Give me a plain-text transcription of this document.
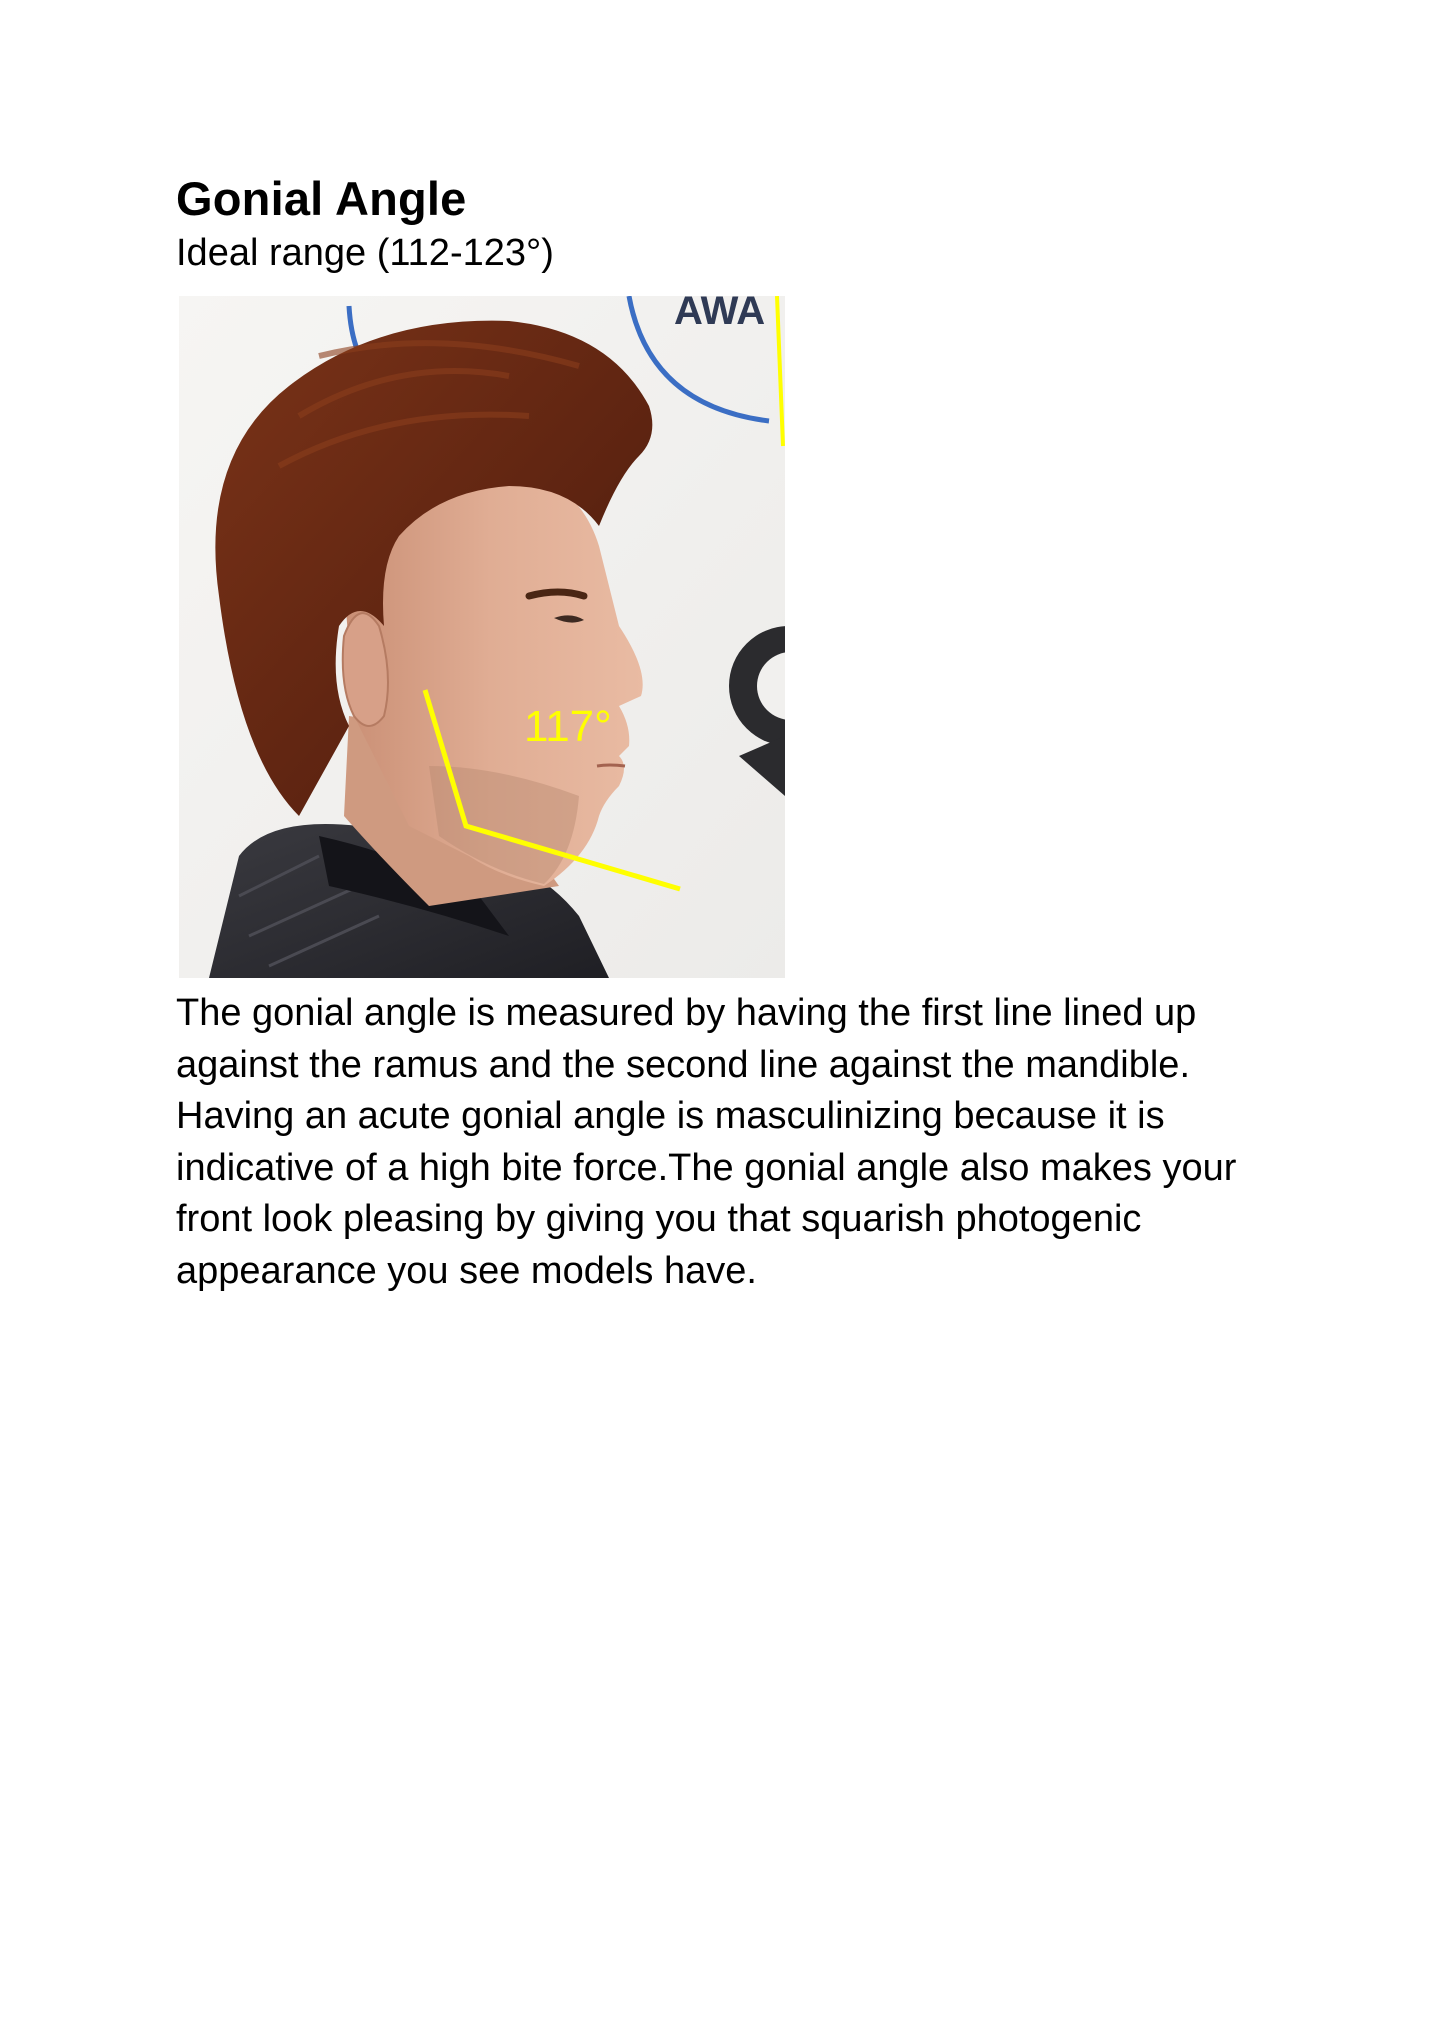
Gonial Angle

Ideal range (112-123°)

AWA
117°

The gonial angle is measured by having the first line lined up against the ramus and the second line against the mandible. Having an acute gonial angle is masculinizing because it is indicative of a high bite force.The gonial angle also makes your front look pleasing by giving you that squarish photogenic appearance you see models have.
